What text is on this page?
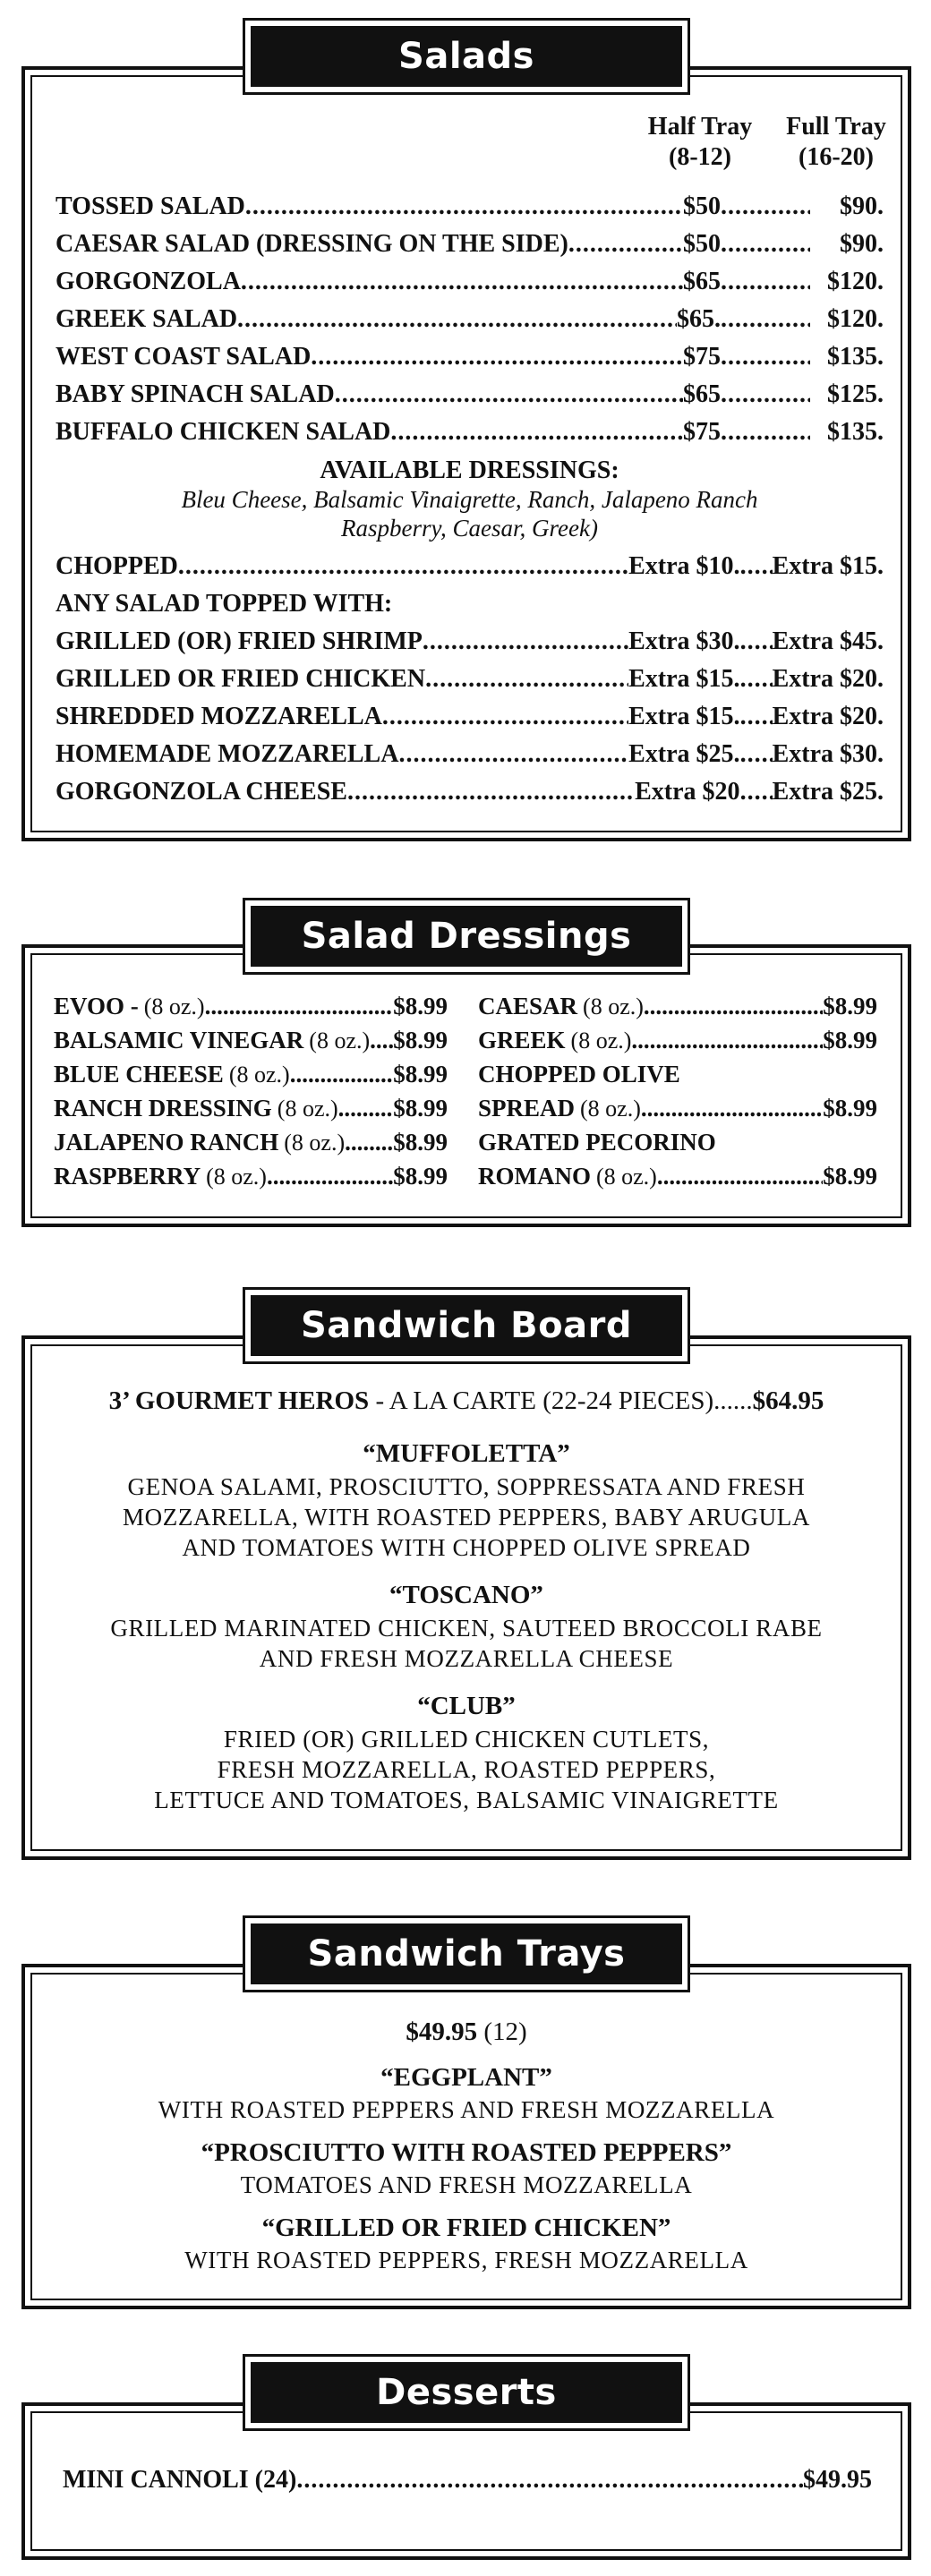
Salads
Half Tray
(8-12)
Full Tray
(16-20)
TOSSED SALAD .....	$50 .....	$90.
CAESAR SALAD (DRESSING ON THE SIDE) .....	$50 .....	$90.
GORGONZOLA .....	$65 .....	$120.
GREEK SALAD .....	$65. .....	$120.
WEST COAST SALAD .....	$75 .....	$135.
BABY SPINACH SALAD .....	$65 .....	$125.
BUFFALO CHICKEN SALAD .....	$75 .....	$135.
AVAILABLE DRESSINGS:
Bleu Cheese, Balsamic Vinaigrette, Ranch, Jalapeno Ranch
Raspberry, Caesar, Greek)
CHOPPED .....	Extra $10. ..... Extra $15.
ANY SALAD TOPPED WITH:
GRILLED (OR) FRIED SHRIMP .....	Extra $30. ..... Extra $45.
GRILLED OR FRIED CHICKEN .....	Extra $15. ..... Extra $20.
SHREDDED MOZZARELLA .....	Extra $15. ..... Extra $20.
HOMEMADE MOZZARELLA .....	Extra $25. ..... Extra $30.
GORGONZOLA CHEESE .....	Extra $20 ..... Extra $25.
Salad Dressings
EVOO - (8 oz.) .....	$8.99
BALSAMIC VINEGAR (8 oz.) ..... $8.99
BLUE CHEESE (8 oz.) .....	$8.99
RANCH DRESSING (8 oz.) ..... $8.99
JALAPENO RANCH (8 oz.) ..... $8.99
RASPBERRY (8 oz.) .....	$8.99
CAESAR (8 oz.) .....	$8.99
GREEK (8 oz.) .....	$8.99
CHOPPED OLIVE
SPREAD (8 oz.) .....	$8.99
GRATED PECORINO
ROMANO (8 oz.) .....	$8.99
Sandwich Board
3’ GOURMET HEROS - A LA CARTE (22-24 PIECES)......$64.95
“MUFFOLETTA”
GENOA SALAMI, PROSCIUTTO, SOPPRESSATA AND FRESH
MOZZARELLA, WITH ROASTED PEPPERS, BABY ARUGULA
AND TOMATOES WITH CHOPPED OLIVE SPREAD
“TOSCANO”
GRILLED MARINATED CHICKEN, SAUTEED BROCCOLI RABE
AND FRESH MOZZARELLA CHEESE
“CLUB”
FRIED (OR) GRILLED CHICKEN CUTLETS,
FRESH MOZZARELLA, ROASTED PEPPERS,
LETTUCE AND TOMATOES, BALSAMIC VINAIGRETTE
Sandwich Trays
$49.95 (12)
“EGGPLANT”
WITH ROASTED PEPPERS AND FRESH MOZZARELLA
“PROSCIUTTO WITH ROASTED PEPPERS”
TOMATOES AND FRESH MOZZARELLA
“GRILLED OR FRIED CHICKEN”
WITH ROASTED PEPPERS, FRESH MOZZARELLA
Desserts
MINI CANNOLI (24) .....	$49.95
